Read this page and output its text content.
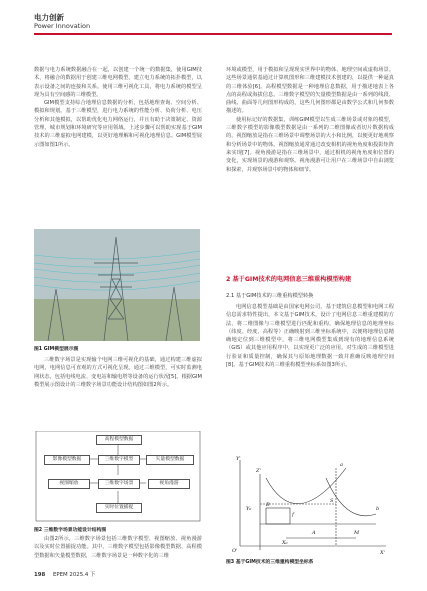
电力创新
Power Innovation

数据与电力系统数据融合在一起，以创建一个统一的数据集，使用GIM技术，将融合的数据用于创建三维电网模型。建立电力系统的拓扑模型，以表示设备之间的连接和关系。使用三维可视化工具，将电力系统的模型呈现为具有空间感的三维模型。

GIM模型支持综合地理信息数据的分析，包括地理查询、空间分析、模拟和规划。基于三维模型，进行电力系统的性能分析、负荷分析、电压分析和其他模拟，以帮助优化电力网络运行，并且有助于决策制定、资源管理、城市规划和环境研究等应用领域。上述步骤可以帮助实现基于GIM技术的三维虚拟电网建模，以更好地理解和可视化地理信息。GIM模型展示图如图1所示。

图1 GIM模型展示图

三维数字场景是实现输个电网三维可视化的基础，通过构建三维虚拟电网，电网信息可直观的方式可视化呈现。通过三维模型，可实时监测电网状态，包括电线电流、变电站和输电塔等设备的运行状况[5]。根据GIM模型展示图设计的三维数字场景功能设计结构图如图2所示。

高程模型数据
影像模型数据	三维数字模型	矢量模型数据
视图缩放	三维数字场景	视角漫游
实时位置捕捉
图2 三维数字场景功能设计结构图

由图2所示，三维数字场景包括三维数字模型、视图缩放、视角漫游以及实时位置捕捉功能。其中，三维数字模型包括影像模型数据、高程模型数据和矢量模型数据，三维数字场景是一种数字化的三维

环境或模型，用于模拟和呈现现实世界中的物体、地理空间或虚构场景。这些场景通常基通过计算机图形和三维建模技术创建的，以提供一种逼真的三维体验[6]。高程模型数据是一种地理信息数据，用于描述地表上各点的高程或海拔信息。三维数字模型的矢量模型数据是由一系列的线段、曲线、曲面等几何图形构成的，这些几何图形都是由数学公式和几何参数描述的。

使用标记好的数据集，训练GIM模型以生成三维场景或对象的模型，三维数字模型的影像模型数据是由一系列的二维图像或者切片数据构成的，视图缩放是指在三维场景中调整场景的大小和比例，以便更好地观察和分析场景中的物体。视图缩放通常通过改变相机的视角角度和投影矩阵来实现[7]。视角漫游是指在三维场景中，通过相机的视角角度和位置的变化，实现场景的漫游和观察。视角漫游可让用户在三维场景中自由浏览和探索，并观察场景中的物体和细节。

2 基于GIM技术的电网信息三维重构模型构建
2.1 基于GIM技术的三维重构模型转换

电网信息模型基础是由国家电网公司，基于建筑信息模型和电网工程信息需求特性提出，本文基于GIM技术，设计了电网信息三维重建模的方法，将二维图像与三维模型进行匹配和重构，确保地理信息的地理坐标（纬度、经度、高程等）正确映射到三维坐标系统中，以便将地理信息精确地定位到三维模型中，将三维电网模型集成到现有的地理信息系统（GIS）或其他应用程序中，以实现更广泛的应用。对生成的三维模型进行验证和质量控制，确保其与原始地理数据一致并准确反映地理空间[8]。基于GIM技术的三维重构模型坐标系如图3所示。

Y'
X'
Z'
O'
f
S
X₀
Y₀
a
b
B
A	M
图3 基于GIM技术的三维重构模型坐标系
198 EPEM 2025.4 下
